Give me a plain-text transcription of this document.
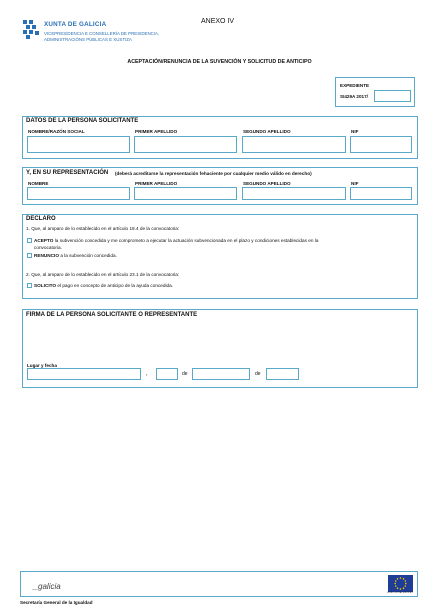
XUNTA DE GALICIA
VICEPRESIDENCIA E CONSELLERÍA DE PRESIDENCIA,
ADMINISTRACIÓNS PÚBLICAS E XUSTIZA
ANEXO IV
ACEPTACIÓN/RENUNCIA DE LA SUVENCIÓN Y SOLICITUD DE ANTICIPO
EXPEDIENTE
SI429A 2017/
DATOS DE LA PERSONA SOLICITANTE
NOMBRE/RAZÓN SOCIAL	PRIMER APELLIDO	SEGUNDO APELLIDO	NIF
Y, EN SU REPRESENTACIÓN (deberá acreditarse la representación fehaciente por cualquier medio válido en derecho)
NOMBRE	PRIMER APELLIDO	SEGUNDO APELLIDO	NIF
DECLARO
1. Que, al amparo de lo establecido en el artículo 19.4 de la convocatoria:
ACEPTO la subvención concedida y me comprometo a ejecutar la actuación subvencionada en el plazo y condiciones establecidas en la
convocatoria.
RENUNCIO a la subvención concedida.
2. Que, al amparo de lo establecido en el artículo 23.1 de la convocatoria:
SOLICITO el pago en concepto de anticipo de la ayuda concedida.
FIRMA DE LA PERSONA SOLICITANTE O REPRESENTANTE
Lugar y fecha
,	de	de
_galicia
FONDO SOCIAL EUROPEO
Secretaría General de la Igualdad
